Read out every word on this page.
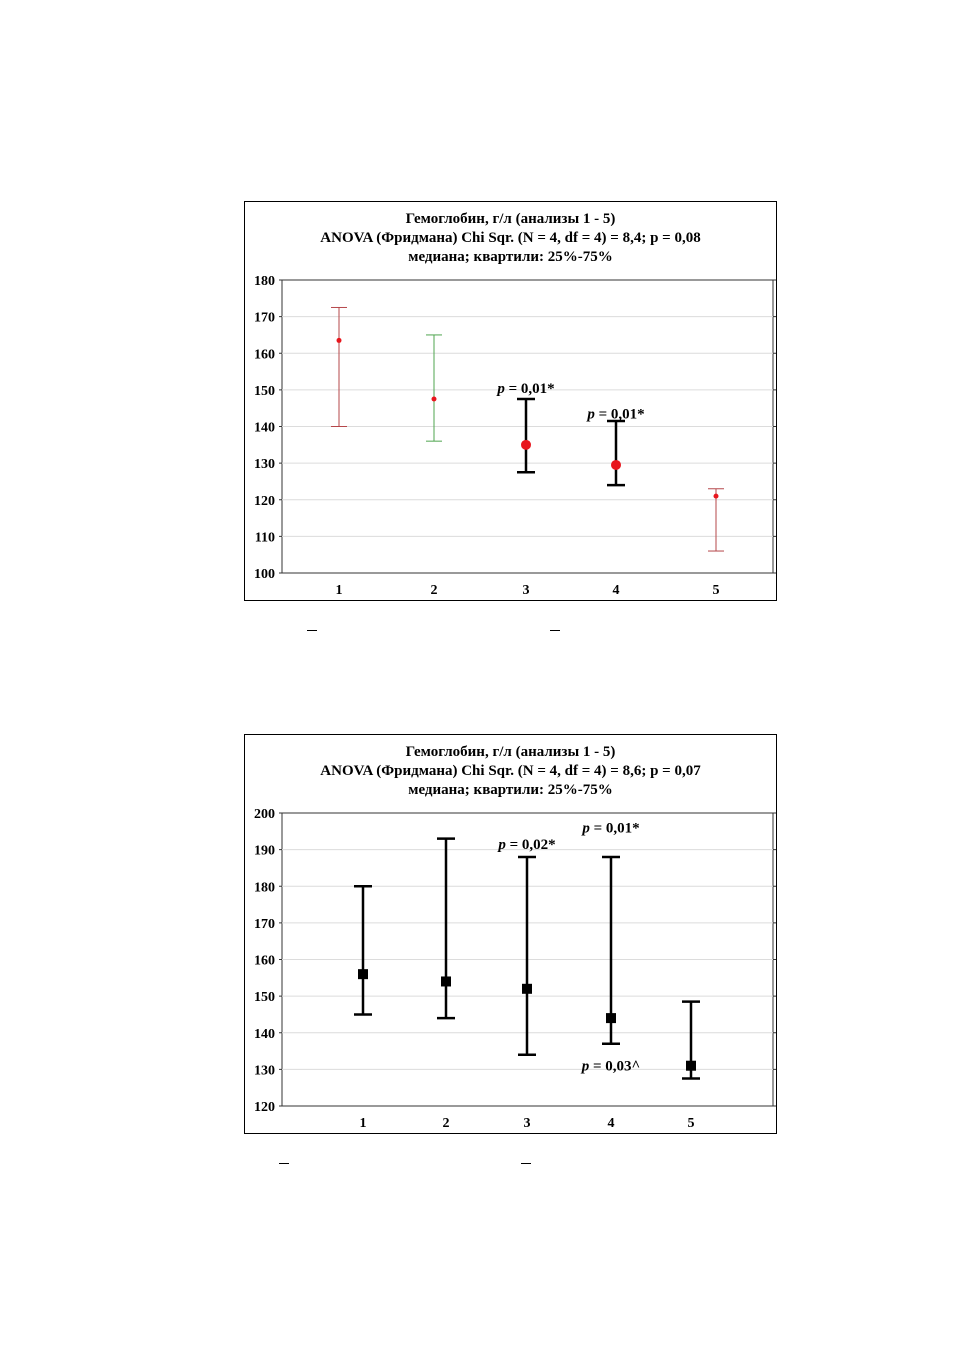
Гемоглобин, г/л (анализы 1 - 5)
ANOVA (Фридмана) Chi Sqr. (N = 4, df = 4) = 8,4; p = 0,08
медиана; квартили: 25%-75%
100
110
120
130
140
150
160
170
180
1	2	3	4	5
p = 0,01*
p = 0,01*
Гемоглобин, г/л (анализы 1 - 5)
ANOVA (Фридмана) Chi Sqr. (N = 4, df = 4) = 8,6; p = 0,07
медиана; квартили: 25%-75%
120
130
140
150
160
170
180
190
200
1	2	3	4	5
p = 0,02*
p = 0,01*
p = 0,03^
